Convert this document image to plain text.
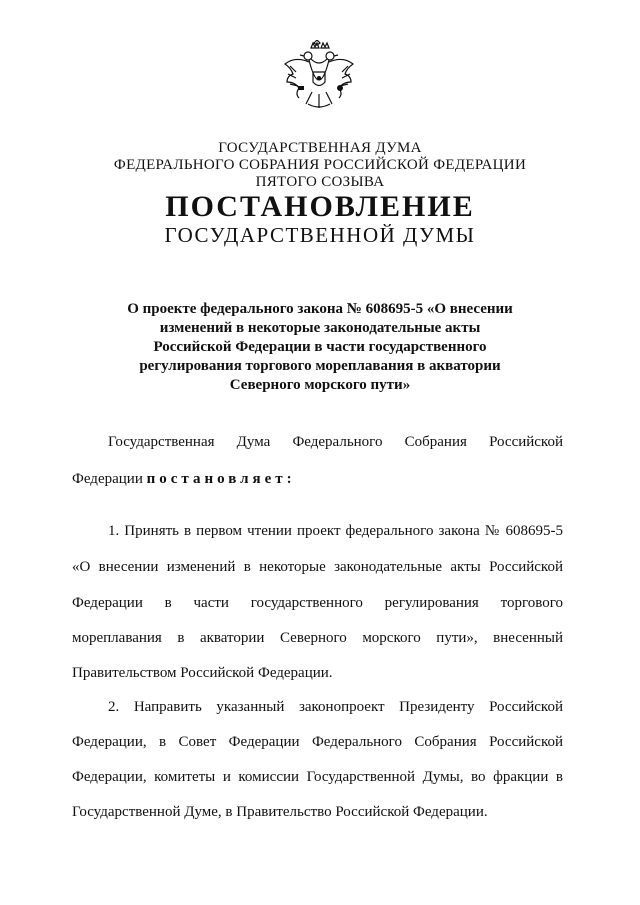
ГОСУДАРСТВЕННАЯ ДУМА
ФЕДЕРАЛЬНОГО СОБРАНИЯ РОССИЙСКОЙ ФЕДЕРАЦИИ
ПЯТОГО СОЗЫВА
ПОСТАНОВЛЕНИЕ
ГОСУДАРСТВЕННОЙ ДУМЫ
О проекте федерального закона № 608695-5 «О внесении
изменений в некоторые законодательные акты
Российской Федерации в части государственного
регулирования торгового мореплавания в акватории
Северного морского пути»
Государственная Дума Федерального Собрания Российской
Федерации постановляет:
1. Принять в первом чтении проект федерального закона № 608695-5
«О внесении изменений в некоторые законодательные акты Российской
Федерации в части государственного регулирования торгового
мореплавания в акватории Северного морского пути», внесенный
Правительством Российской Федерации.
2. Направить указанный законопроект Президенту Российской
Федерации, в Совет Федерации Федерального Собрания Российской
Федерации, комитеты и комиссии Государственной Думы, во фракции в
Государственной Думе, в Правительство Российской Федерации.
